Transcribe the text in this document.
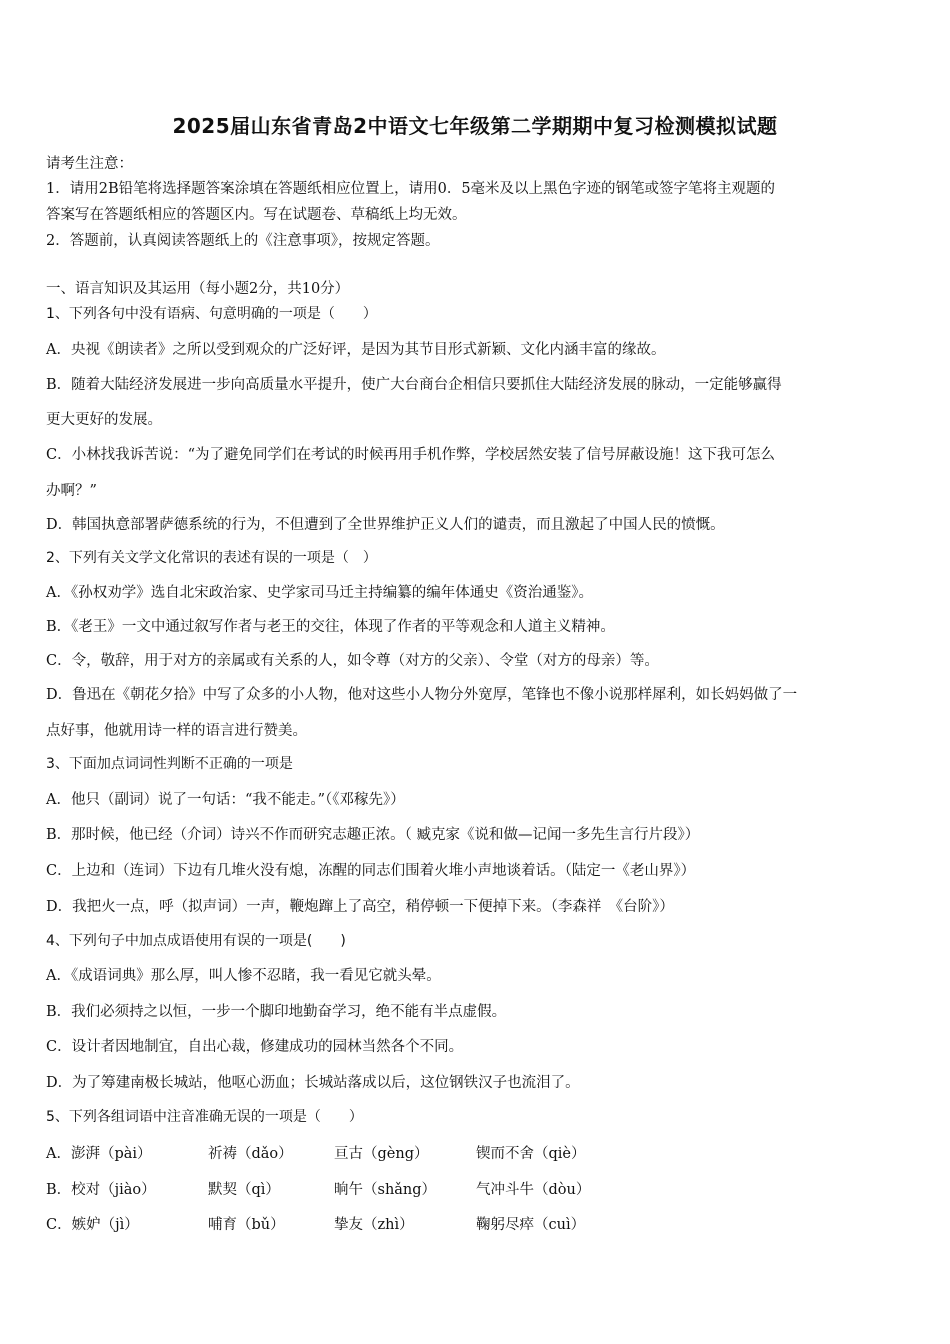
2025届山东省青岛2中语文七年级第二学期期中复习检测模拟试题
请考生注意：
1．请用2B铅笔将选择题答案涂填在答题纸相应位置上，请用0．5毫米及以上黑色字迹的钢笔或签字笔将主观题的
答案写在答题纸相应的答题区内。写在试题卷、草稿纸上均无效。
2．答题前，认真阅读答题纸上的《注意事项》，按规定答题。
一、语言知识及其运用（每小题2分，共10分）
1、下列各句中没有语病、句意明确的一项是（　　）
A．央视《朗读者》之所以受到观众的广泛好评，是因为其节目形式新颖、文化内涵丰富的缘故。
B．随着大陆经济发展进一步向高质量水平提升，使广大台商台企相信只要抓住大陆经济发展的脉动，一定能够赢得
更大更好的发展。
C．小林找我诉苦说：“为了避免同学们在考试的时候再用手机作弊，学校居然安装了信号屏蔽设施！这下我可怎么
办啊？”
D．韩国执意部署萨德系统的行为，不但遭到了全世界维护正义人们的谴责，而且激起了中国人民的愤慨。
2、下列有关文学文化常识的表述有误的一项是（　）
A．《孙权劝学》选自北宋政治家、史学家司马迁主持编纂的编年体通史《资治通鉴》。
B．《老王》一文中通过叙写作者与老王的交往，体现了作者的平等观念和人道主义精神。
C．令，敬辞，用于对方的亲属或有关系的人，如令尊（对方的父亲）、令堂（对方的母亲）等。
D．鲁迅在《朝花夕拾》中写了众多的小人物，他对这些小人物分外宽厚，笔锋也不像小说那样犀利，如长妈妈做了一
点好事，他就用诗一样的语言进行赞美。
3、下面加点词词性判断不正确的一项是
A．他只（副词）说了一句话：“我不能走。”（《邓稼先》）
B．那时候，他已经（介词）诗兴不作而研究志趣正浓。（ 臧克家《说和做—记闻一多先生言行片段》）
C．上边和（连词）下边有几堆火没有熄，冻醒的同志们围着火堆小声地谈着话。（陆定一《老山界》）
D．我把火一点，呼（拟声词）一声，鞭炮蹿上了高空，稍停顿一下便掉下来。（李森祥　《台阶》）
4、下列句子中加点成语使用有误的一项是(　　)
A．《成语词典》那么厚，叫人惨不忍睹，我一看见它就头晕。
B．我们必须持之以恒，一步一个脚印地勤奋学习，绝不能有半点虚假。
C．设计者因地制宜，自出心裁，修建成功的园林当然各个不同。
D．为了筹建南极长城站，他呕心沥血；长城站落成以后，这位钢铁汉子也流泪了。
5、下列各组词语中注音准确无误的一项是（　　）
A．澎湃（pài）	祈祷（dǎo）	亘古（gèng）	锲而不舍（qiè）
B．校对（jiào）	默契（qì）	晌午（shǎng）	气冲斗牛（dòu）
C．嫉妒（jì）	哺育（bǔ）	挚友（zhì）	鞠躬尽瘁（cuì）
